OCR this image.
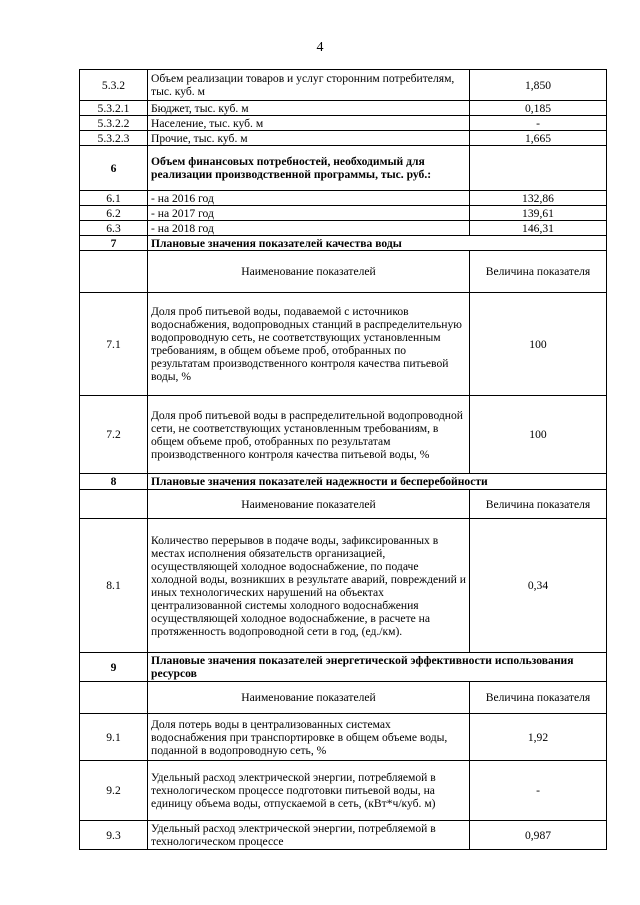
4
5.3.2	Объем реализации товаров и услуг сторонним потребителям, тыс. куб. м	1,850
5.3.2.1	Бюджет, тыс. куб. м	0,185
5.3.2.2	Население, тыс. куб. м	-
5.3.2.3	Прочие, тыс. куб. м	1,665
6	Объем финансовых потребностей, необходимый для реализации производственной программы, тыс. руб.:	
6.1	- на 2016 год	132,86
6.2	- на 2017 год	139,61
6.3	- на 2018 год	146,31
7	Плановые значения показателей качества воды	
	Наименование показателей	Величина показателя
7.1	Доля проб питьевой воды, подаваемой с источников водоснабжения, водопроводных станций в распределительную водопроводную сеть, не соответствующих установленным требованиям, в общем объеме проб, отобранных по результатам производственного контроля качества питьевой воды, %	100
7.2	Доля проб питьевой воды в распределительной водопроводной сети, не соответствующих установленным требованиям, в общем объеме проб, отобранных по результатам производственного контроля качества питьевой воды, %	100
8	Плановые значения показателей надежности и бесперебойности	
	Наименование показателей	Величина показателя
8.1	Количество перерывов в подаче воды, зафиксированных в местах исполнения обязательств организацией, осуществляющей холодное водоснабжение, по подаче холодной воды, возникших в результате аварий, повреждений и иных технологических нарушений на объектах централизованной системы холодного водоснабжения осуществляющей холодное водоснабжение, в расчете на протяженность водопроводной сети в год, (ед./км).	0,34
9	Плановые значения показателей энергетической эффективности использования ресурсов	
	Наименование показателей	Величина показателя
9.1	Доля потерь воды в централизованных системах водоснабжения при транспортировке в общем объеме воды, поданной в водопроводную сеть, %	1,92
9.2	Удельный расход электрической энергии, потребляемой в технологическом процессе подготовки питьевой воды, на единицу объема воды, отпускаемой в сеть, (кВт*ч/куб. м)	-
9.3	Удельный расход электрической энергии, потребляемой в технологическом процессе	0,987
